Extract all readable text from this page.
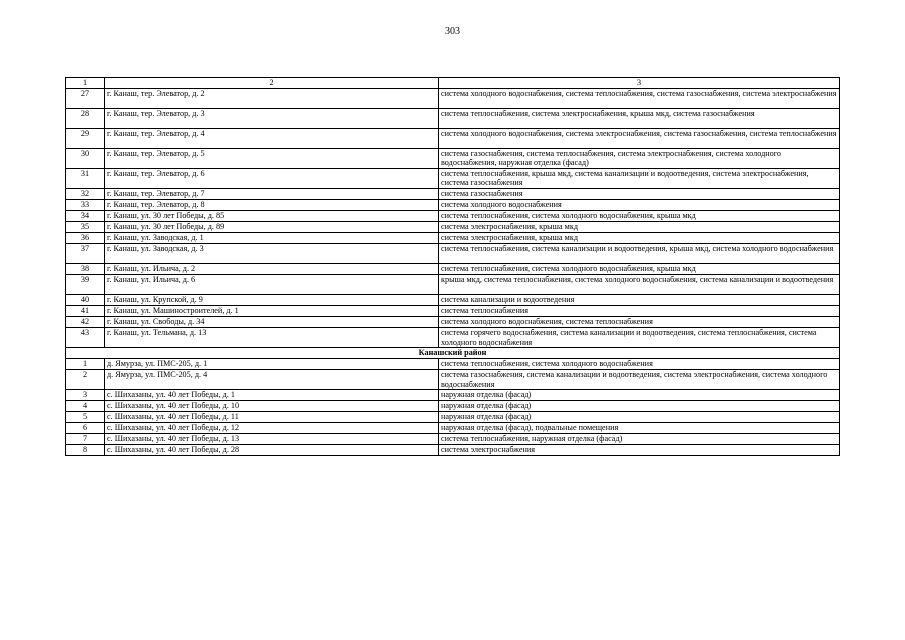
303
1	2	3
27	г. Канаш, тер. Элеватор, д. 2	система холодного водоснабжения, система теплоснабжения, система газоснабжения, система электроснабжения
28	г. Канаш, тер. Элеватор, д. 3	система теплоснабжения, система электроснабжения, крыша мкд, система газоснабжения
29	г. Канаш, тер. Элеватор, д. 4	система холодного водоснабжения, система электроснабжения, система газоснабжения, система теплоснабжения
30	г. Канаш, тер. Элеватор, д. 5	система газоснабжения, система теплоснабжения, система электроснабжения, система холодного водоснабжения, наружная отделка (фасад)
31	г. Канаш, тер. Элеватор, д. 6	система теплоснабжения, крыша мкд, система канализации и водоотведения, система электроснабжения, система газоснабжения
32	г. Канаш, тер. Элеватор, д. 7	система газоснабжения
33	г. Канаш, тер. Элеватор, д. 8	система холодного водоснабжения
34	г. Канаш, ул. 30 лет Победы, д. 85	система теплоснабжения, система холодного водоснабжения, крыша мкд
35	г. Канаш, ул. 30 лет Победы, д. 89	система электроснабжения, крыша мкд
36	г. Канаш, ул. Заводская, д. 1	система электроснабжения, крыша мкд
37	г. Канаш, ул. Заводская, д. 3	система теплоснабжения, система канализации и водоотведения, крыша мкд, система холодного водоснабжения
38	г. Канаш, ул. Ильича, д. 2	система теплоснабжения, система холодного водоснабжения, крыша мкд
39	г. Канаш, ул. Ильича, д. 6	крыша мкд, система теплоснабжения, система холодного водоснабжения, система канализации и водоотведения
40	г. Канаш, ул. Крупской, д. 9	система канализации и водоотведения
41	г. Канаш, ул. Машиностроителей, д. 1	система теплоснабжения
42	г. Канаш, ул. Свободы, д. 34	система холодного водоснабжения, система теплоснабжения
43	г. Канаш, ул. Тельмана, д. 13	система горячего водоснабжения, система канализации и водоотведения, система теплоснабжения, система холодного водоснабжения
Канашский район		
1	д. Ямурза, ул. ПМС-205, д. 1	система теплоснабжения, система холодного водоснабжения
2	д. Ямурза, ул. ПМС-205, д. 4	система газоснабжения, система канализации и водоотведения, система электроснабжения, система холодного водоснабжения
3	с. Шихазаны, ул. 40 лет Победы, д. 1	наружная отделка (фасад)
4	с. Шихазаны, ул. 40 лет Победы, д. 10	наружная отделка (фасад)
5	с. Шихазаны, ул. 40 лет Победы, д. 11	наружная отделка (фасад)
6	с. Шихазаны, ул. 40 лет Победы, д. 12	наружная отделка (фасад), подвальные помещения
7	с. Шихазаны, ул. 40 лет Победы, д. 13	система теплоснабжения, наружная отделка (фасад)
8	с. Шихазаны, ул. 40 лет Победы, д. 28	система электроснабжения
